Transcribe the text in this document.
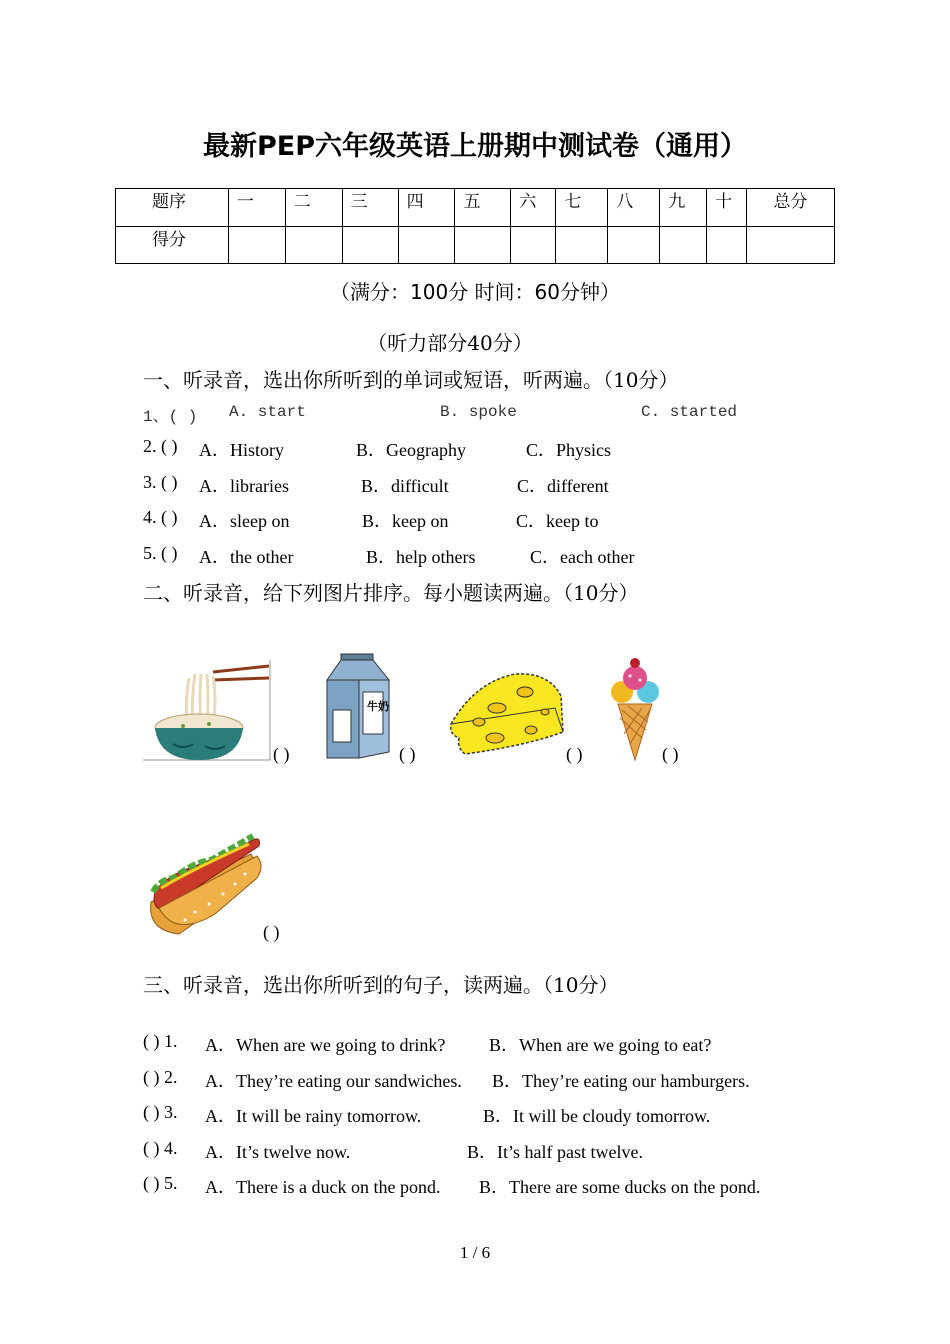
最新PEP六年级英语上册期中测试卷（通用）
题序	一	二	三	四	五	六	七	八	九	十	总分
得分											
（满分：100分 时间：60分钟）
（听力部分40分）
一、听录音，选出你所听到的单词或短语，听两遍。（10分）
1、( ) A. start	B. spoke	C. started
2. ( ) A．History	B．Geography	C．Physics
3. ( ) A．libraries	B．difficult	C．different
4. ( ) A．sleep on	B．keep on	C．keep to
5. ( ) A．the other	B．help others	C．each other
二、听录音，给下列图片排序。每小题读两遍。（10分）
( )
牛奶
( )	( )	( )
( )
三、听录音，选出你所听到的句子，读两遍。（10分）
( ) 1. A．When are we going to drink? B．When are we going to eat?
( ) 2. A．They’re eating our sandwiches. B．They’re eating our hamburgers.
( ) 3. A．It will be rainy tomorrow.	B．It will be cloudy tomorrow.
( ) 4. A．It’s twelve now.	B．It’s half past twelve.
( ) 5. A．There is a duck on the pond. B．There are some ducks on the pond.
1 / 6
